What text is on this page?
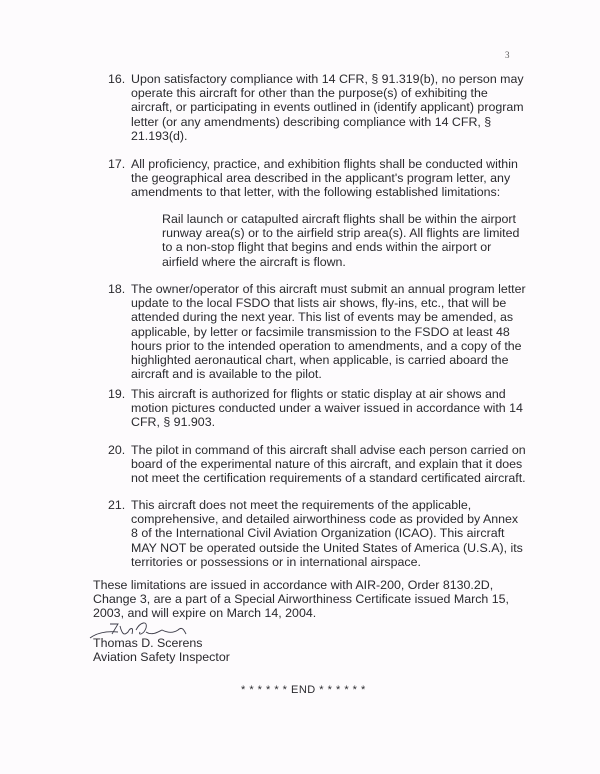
3
16. Upon satisfactory compliance with 14 CFR, § 91.319(b), no person may operate this aircraft for other than the purpose(s) of exhibiting the aircraft, or participating in events outlined in (identify applicant) program letter (or any amendments) describing compliance with 14 CFR, § 21.193(d).
17. All proficiency, practice, and exhibition flights shall be conducted within the geographical area described in the applicant's program letter, any amendments to that letter, with the following established limitations:
Rail launch or catapulted aircraft flights shall be within the airport runway area(s) or to the airfield strip area(s). All flights are limited to a non-stop flight that begins and ends within the airport or airfield where the aircraft is flown.
18. The owner/operator of this aircraft must submit an annual program letter update to the local FSDO that lists air shows, fly-ins, etc., that will be attended during the next year. This list of events may be amended, as applicable, by letter or facsimile transmission to the FSDO at least 48 hours prior to the intended operation to amendments, and a copy of the highlighted aeronautical chart, when applicable, is carried aboard the aircraft and is available to the pilot.
19. This aircraft is authorized for flights or static display at air shows and motion pictures conducted under a waiver issued in accordance with 14 CFR, § 91.903.
20. The pilot in command of this aircraft shall advise each person carried on board of the experimental nature of this aircraft, and explain that it does not meet the certification requirements of a standard certificated aircraft.
21. This aircraft does not meet the requirements of the applicable, comprehensive, and detailed airworthiness code as provided by Annex 8 of the International Civil Aviation Organization (ICAO). This aircraft MAY NOT be operated outside the United States of America (U.S.A), its territories or possessions or in international airspace.
These limitations are issued in accordance with AIR-200, Order 8130.2D, Change 3, are a part of a Special Airworthiness Certificate issued March 15, 2003, and will expire on March 14, 2004.
Thomas D. Scerens
Aviation Safety Inspector
* * * * * * END * * * * * *
